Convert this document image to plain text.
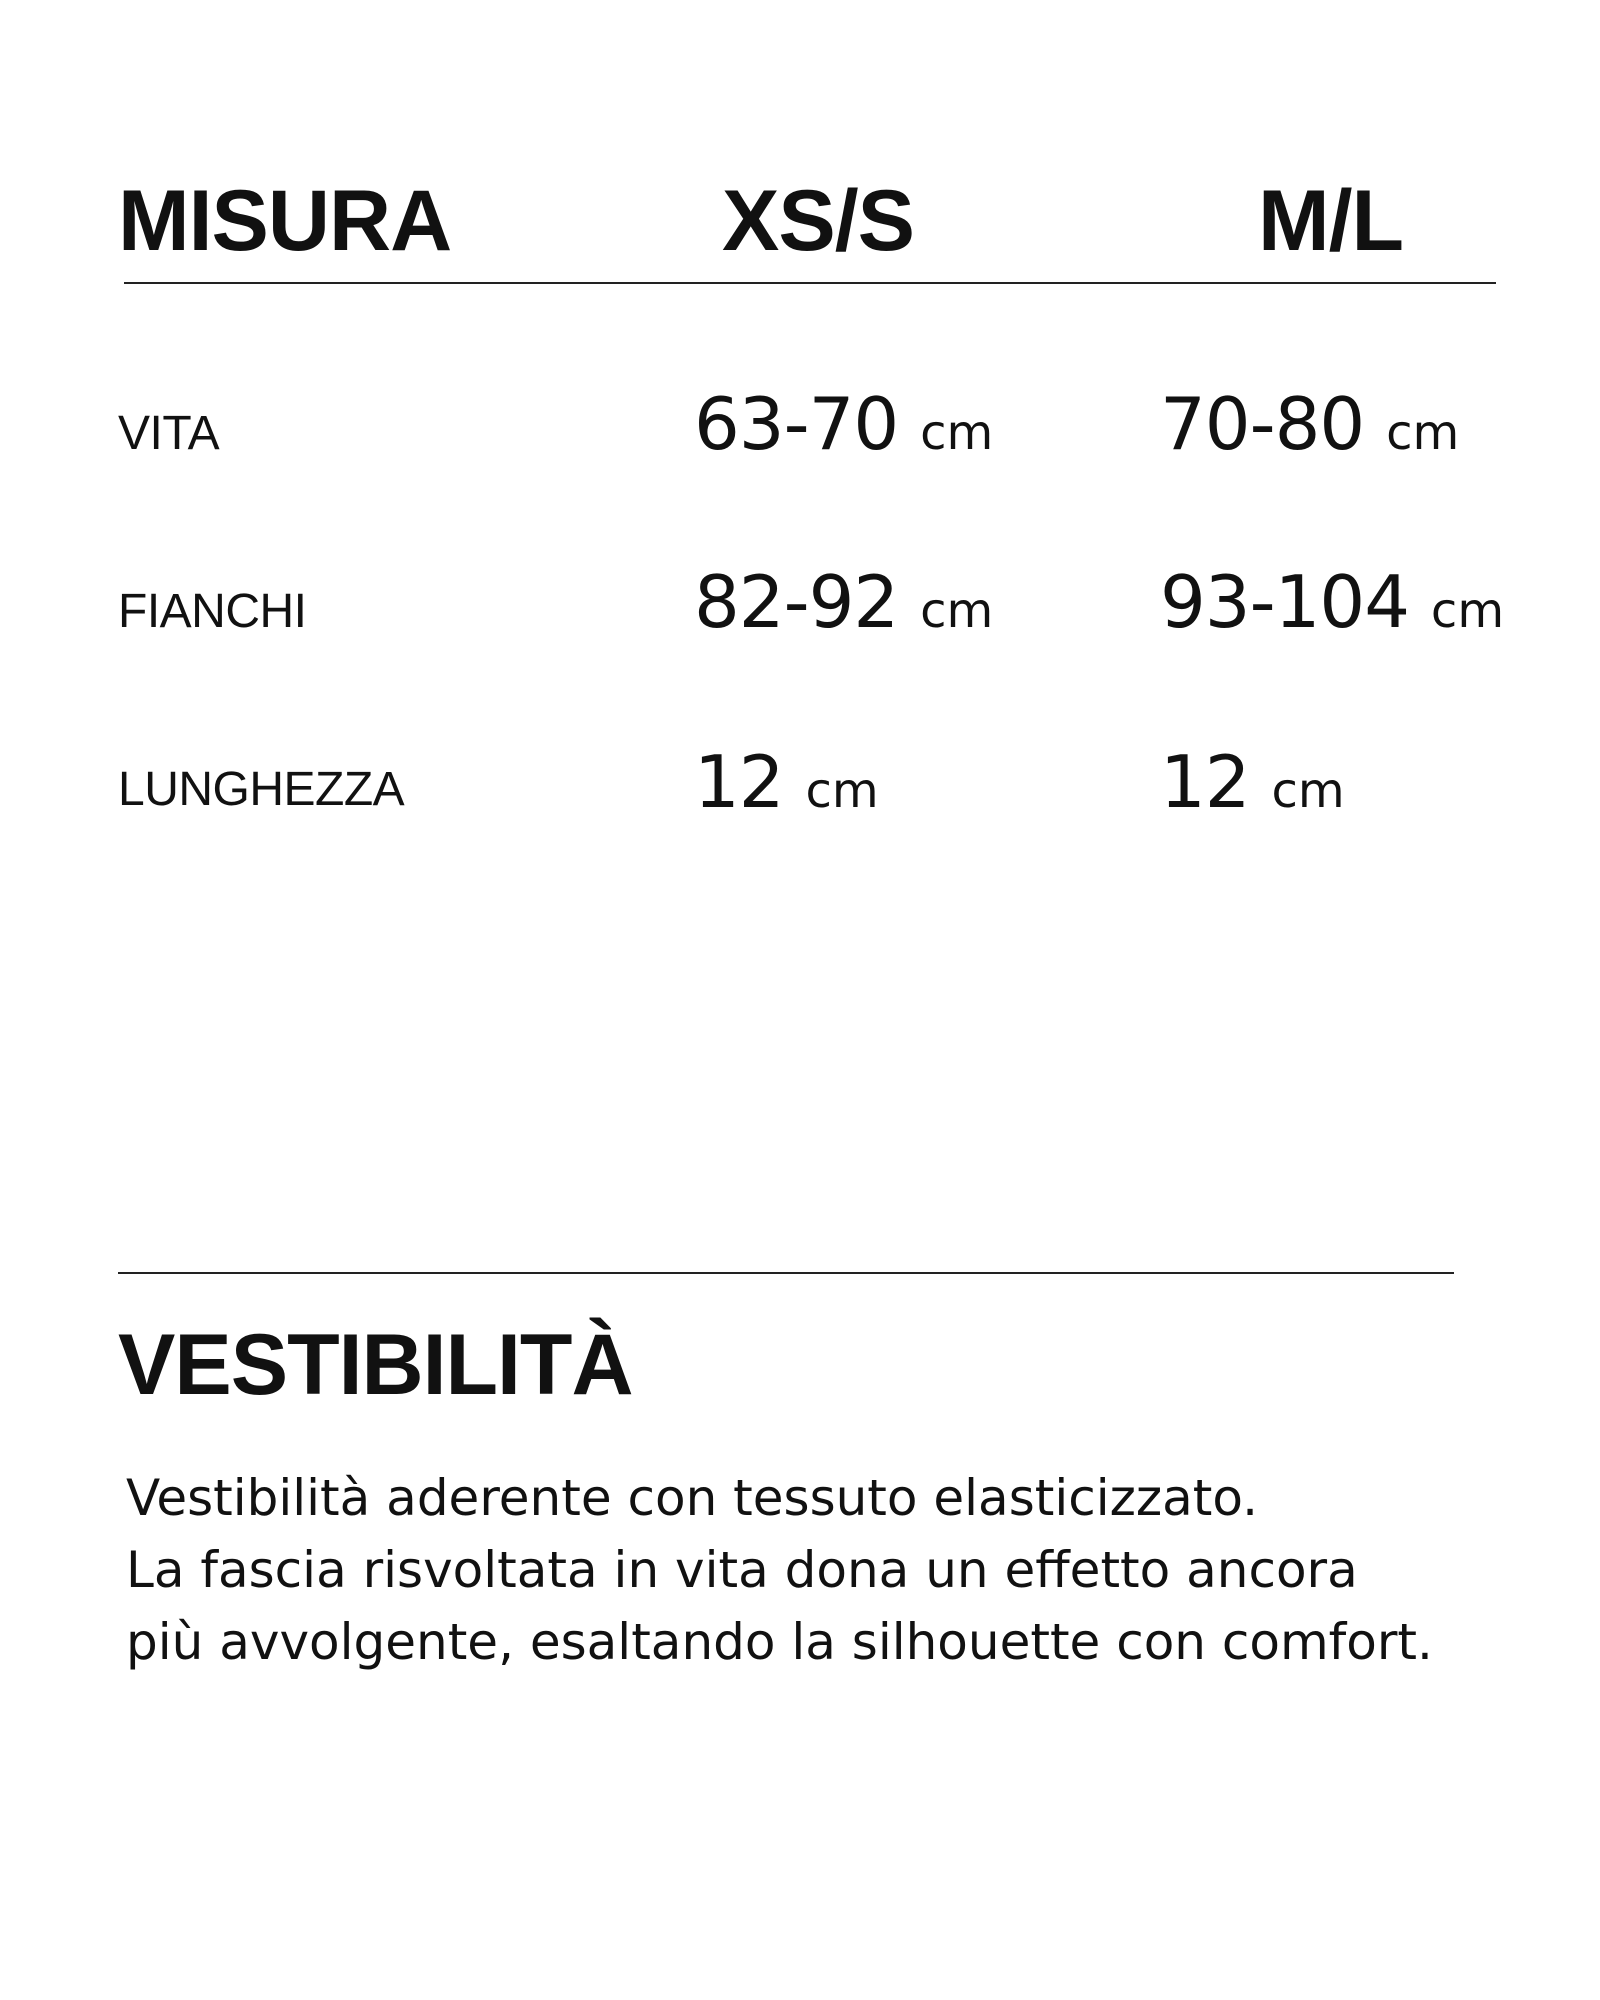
MISURA	XS/S	M/L
VITA	63-70 cm 70-80 cm
FIANCHI	82-92 cm 93-104 cm
LUNGHEZZA	12 cm	12 cm
VESTIBILITÀ
Vestibilità aderente con tessuto elasticizzato.
La fascia risvoltata in vita dona un effetto ancora
più avvolgente, esaltando la silhouette con comfort.
